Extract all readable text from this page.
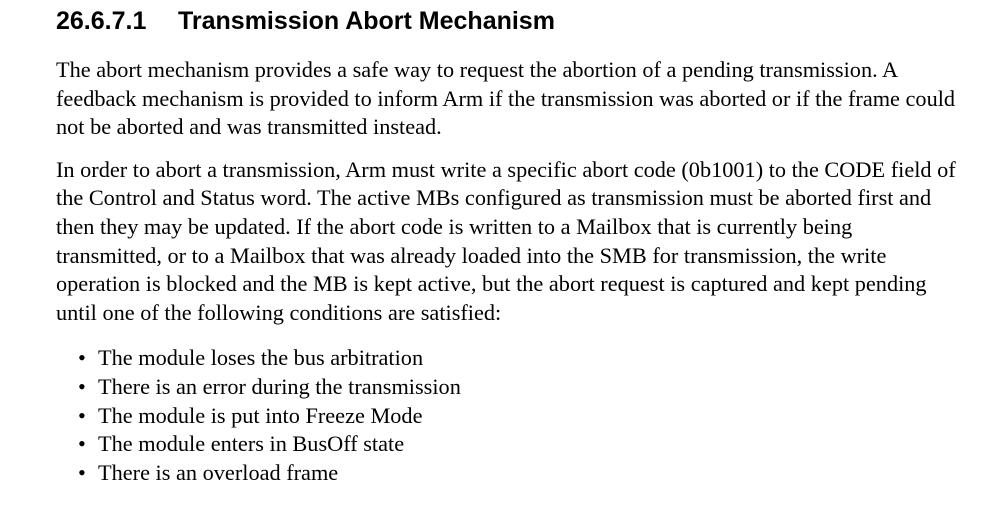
26.6.7.1 Transmission Abort Mechanism

The abort mechanism provides a safe way to request the abortion of a pending transmission. A feedback mechanism is provided to inform Arm if the transmission was aborted or if the frame could not be aborted and was transmitted instead.

In order to abort a transmission, Arm must write a specific abort code (0b1001) to the CODE field of the Control and Status word. The active MBs configured as transmission must be aborted first and then they may be updated. If the abort code is written to a Mailbox that is currently being transmitted, or to a Mailbox that was already loaded into the SMB for transmission, the write operation is blocked and the MB is kept active, but the abort request is captured and kept pending until one of the following conditions are satisfied:

• The module loses the bus arbitration
• There is an error during the transmission
• The module is put into Freeze Mode
• The module enters in BusOff state
• There is an overload frame
